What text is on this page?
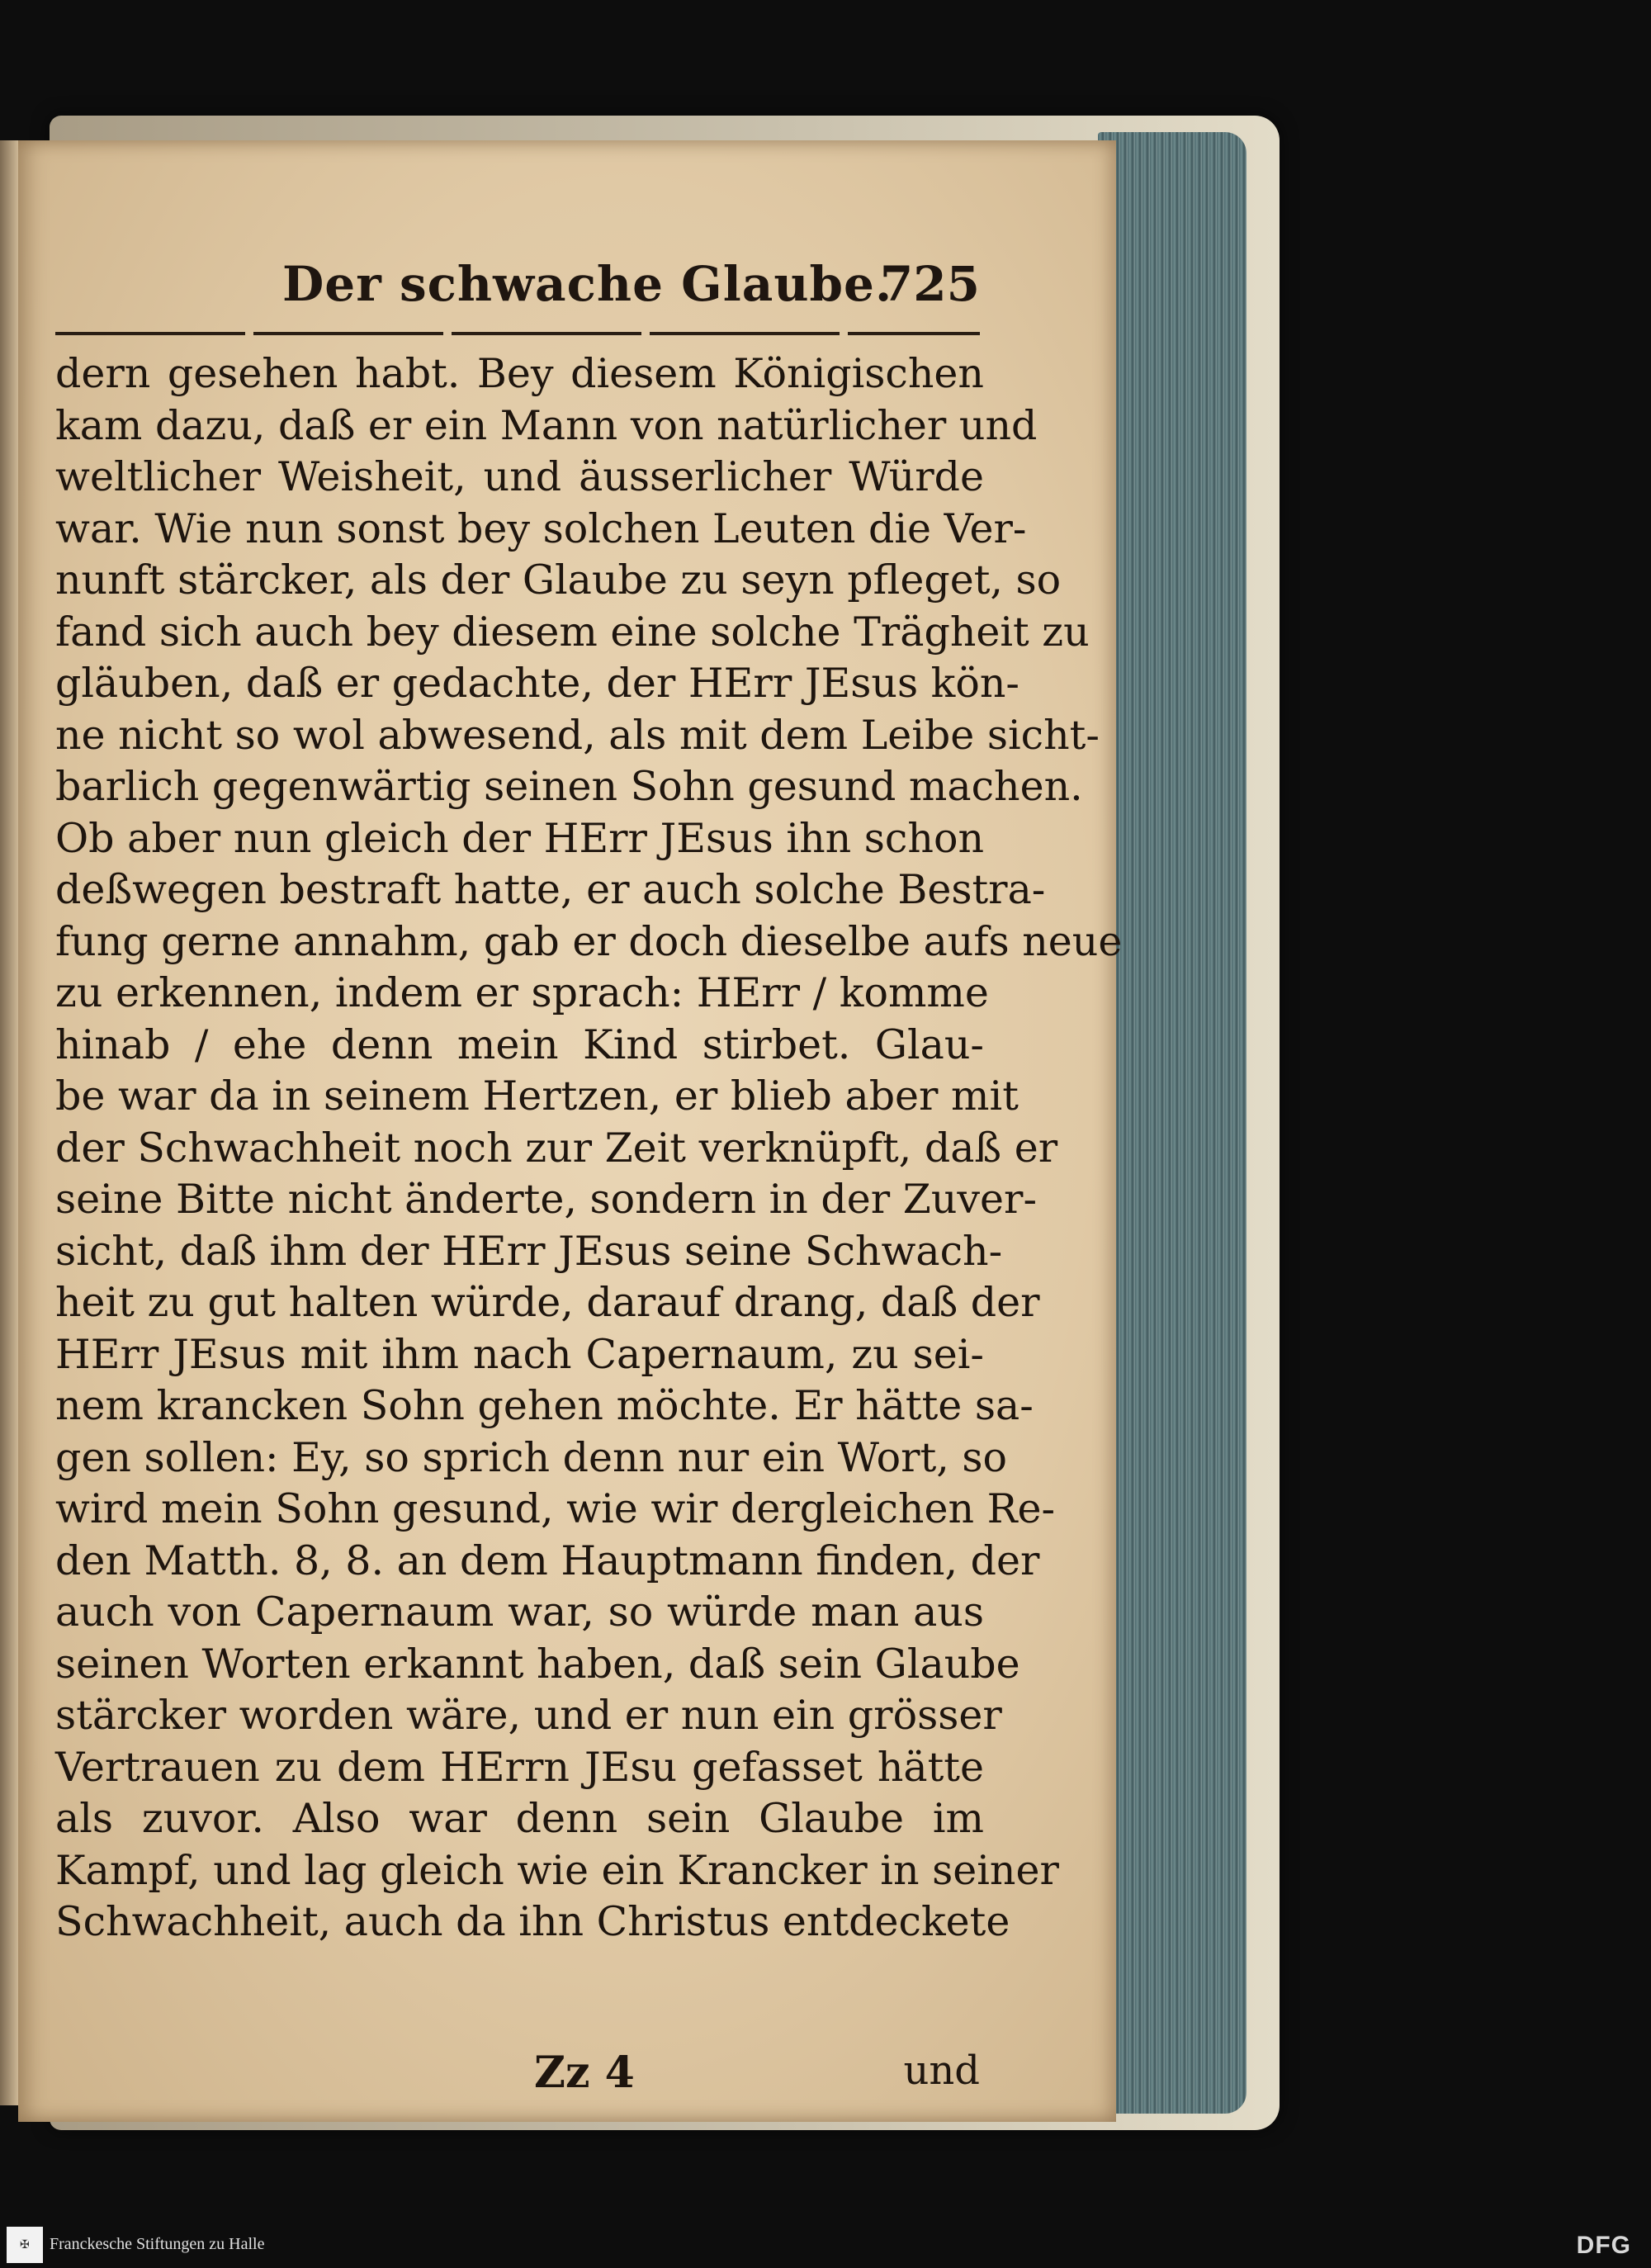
Der schwache Glaube.
725
dern gesehen habt. Bey diesem Königischen
kam dazu, daß er ein Mann von natürlicher und
weltlicher Weisheit, und äusserlicher Würde
war. Wie nun sonst bey solchen Leuten die Ver-
nunft stärcker, als der Glaube zu seyn pfleget, so
fand sich auch bey diesem eine solche Trägheit zu
gläuben, daß er gedachte, der HErr JEsus kön-
ne nicht so wol abwesend, als mit dem Leibe sicht-
barlich gegenwärtig seinen Sohn gesund machen.
Ob aber nun gleich der HErr JEsus ihn schon
deßwegen bestraft hatte, er auch solche Bestra-
fung gerne annahm, gab er doch dieselbe aufs neue
zu erkennen, indem er sprach: HErr / komme
hinab / ehe denn mein Kind stirbet. Glau-
be war da in seinem Hertzen, er blieb aber mit
der Schwachheit noch zur Zeit verknüpft, daß er
seine Bitte nicht änderte, sondern in der Zuver-
sicht, daß ihm der HErr JEsus seine Schwach-
heit zu gut halten würde, darauf drang, daß der
HErr JEsus mit ihm nach Capernaum, zu sei-
nem krancken Sohn gehen möchte. Er hätte sa-
gen sollen: Ey, so sprich denn nur ein Wort, so
wird mein Sohn gesund, wie wir dergleichen Re-
den Matth. 8, 8. an dem Hauptmann finden, der
auch von Capernaum war, so würde man aus
seinen Worten erkannt haben, daß sein Glaube
stärcker worden wäre, und er nun ein grösser
Vertrauen zu dem HErrn JEsu gefasset hätte
als zuvor. Also war denn sein Glaube im
Kampf, und lag gleich wie ein Krancker in seiner
Schwachheit, auch da ihn Christus entdeckete
Zz 4	und
✠	Franckesche Stiftungen zu Halle	DFG
